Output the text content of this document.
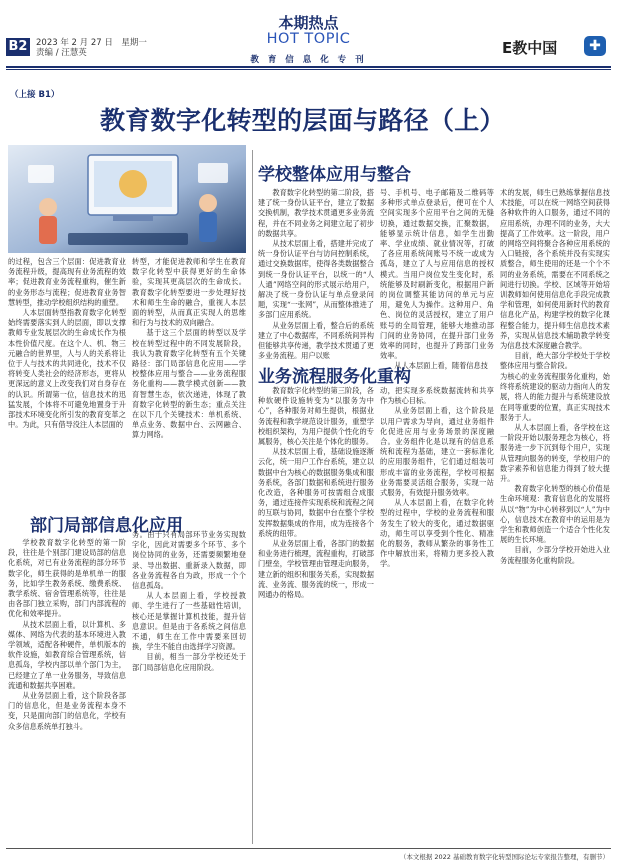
B2 2023 年 2 月 27 日　星期一
责编 / 汪慧英
本期热点
HOT TOPIC
教 育 信 息 化 专 刊
E教中国	✚
（上接 B1）
教育数字化转型的层面与路径（上）
学校整体应用与整合
部门局部信息化应用
业务流程服务化重构

的过程，包含三个层面：促进教育业务流程升级，提高现有业务流程的效率；促进教育业务流程重构，催生新的业务形态与流程；促进教育业务智慧转型，推动学校组织结构的重塑。

人本层面转型指教育数字化转型始终需要落实到人的层面，即以支撑教师专业发展层次的生命成长作为根本性价值尺度。在这个人、机、物三元融合的世界里，人与人的关系将让位于人与技术的共同进化，技术不仅将转变人类社会的经济形态，更将从更深远的意义上改变我们对自身存在的认识。所谓第一位，信息技术的迅猛发展，个体将不可避免地置身于升部技术环境变化所引发的教育变革之中。为此，只有借导没注人本层面的

转型，才能促进教师和学生在教育数字化转型中获得更好的生命体验，实现其更高层次的生命成长。教育数字化转型要进一步处理好技术和师生生命的融合，重视人本层面的转型，从而真正实现人的思维和行为与技术的双向融合。

基于这三个层面的转型以及学校在转型过程中的不同发展阶段，我认为教育数字化转型有五个关键路径：部门局部信息化应用——学校整体应用与整合——业务流程服务化重构——教学模式创新——教育智慧生态，依次递进，体现了教育数字化转型的新生态；重点关注在以下几个关键技术：单机系统、单点业务、数据中台、云网融合、算力网络。

教育数字化转型的第二阶段，搭建了统一身份认证平台，建立了数据交换机制，教学技术贯通更多业务流程，并在不同业务之间建立起了初步的数据共享。

从技术层面上看，搭建并完成了统一身份认证平台与访问控制系统，通过交换数据库，使得各类数据整合到统一身份认证平台，以统一的“人人通”网络空间的形式展示给用户，解决了统一身份认证与单点登录问题，实现“一张网”，从而整体推进了多部门应用系统。

从业务层面上看，整合后的系统建立了中心数据库，不同系统间异构但能够共享传递，教学技术贯通了更多业务流程。用户以账

号、手机号、电子邮箱及二维码等多种形式单点登录后，便可在个人空间实现多个应用平台之间的无缝切换，通过数据交换，汇聚数据，能够显示统计信息，如学生出勤率、学业成绩、就业情况等，打破了各应用系统间账号不统一或成为孤岛，建立了人与应用信息的授权模式。当用户岗位发生变化时，系统能够及时刷新变化，根据用户新的岗位调整其能访问的单元与应用，避免人为操作。这种用户、角色、岗位的灵活授权，建立了用户账号的全局管理，能够大地推动部门间的业务协同，在提升部门业务效率的同时，也提升了跨部门业务效率。

从人本层面上看，随着信息技

术的发展，师生已熟练掌握信息技术技能，可以在统一网络空间获得各种软件的入口服务，通过不同的应用系统，办理不同的业务，大大提高了工作效率。这一阶段，用户的网络空间将聚合各种应用系统的入口链接，各个系统并没有实现实质整合，师生使用的还是一个个不同的业务系统，需要在不同系统之间进行切换。学校、区域等开始培训教师如何使用信息化手段完成教学和管理，如何使用新时代的教育信息化产品，构建学校的数字化课程整合能力，提升师生信息技术素养，实现从信息技术辅助教学转变为信息技术深度融合教学。

目前，绝大部分学校处于学校整体应用与整合阶段。

学校教育数字化转型的第一阶段，往往是个别部门建设局部的信息化系统，对已有业务流程的部分环节数字化，师生获得的是单机单一的服务，比如学生教务系统、缴费系统、教学系统、宿舍管理系统等，往往是由各部门独立采购，部门内部流程的优化和效率提升。

从技术层面上看，以计算机、多媒体、网络为代表的基本环境进入教学领域，适配各种硬件，单机版本的软件设施，如教育综合管理系统，信息孤岛，学校内部以单个部门为主，已经建立了单一业务服务，导致信息流通和数据共享困难。

从业务层面上看，这个阶段各部门的信息化，但是业务流程本身不变，只是面向部门的信息化，学校有众多信息系统单打独斗。

务。由于只有局部环节业务实现数字化，因此对需要多个环节、多个岗位协同的业务，还需要频繁地登录、导出数据、重新录入数据，即各业务流程各自为政，形成一个个信息孤岛。

从人本层面上看，学校授教师、学生进行了一些基础性培训，核心还是掌握计算机技能，提升信息意识。但是由于各系统之间信息不通，师生在工作中需要来回切换，学生不能自由选择学习资源。

目前，相当一部分学校还处于部门局部信息化应用阶段。

教育数字化转型的第三阶段，各种软硬件设施转变为“以服务为中心”，各种服务对师生提供，根据业务流程和教学规范设计服务，重塑学校组织架构，为用户提供个性化的专属服务，核心关注是个体化的服务。

从技术层面上看，基础设施逐渐云化，统一用户工作台系统，建立以数据中台为核心的数据服务集成和服务系统，各部门数据和系统进行服务化改造，各种服务可按需组合成服务，通过连接件实现系统和流程之间的互联与协同，数据中台在整个学校发挥数据集成的作用，成为连接各个系统的纽带。

从业务层面上看，各部门的数据和业务进行梳理，流程重构，打破部门壁垒，学校管理由管理走向服务，建立新的组织和服务关系，实现数据流、业务流、服务流的统一，形成一网通办的格局。

动，把实现多系统数据流转和共享作为核心目标。

从业务层面上看，这个阶段是以用户需求为导向，通过业务组件化促进应用与业务场景的深度融合。业务组件化是以现有的信息系统和流程为基础，建立一套标准化的应用服务组件，它们通过组装可形成丰富的业务流程，学校可根据业务需要灵活组合服务，实现一站式服务，有效提升服务效率。

从人本层面上看，在数字化转型的过程中，学校的业务流程和服务发生了较大的变化，通过数据驱动，师生可以享受到个性化、精准化的服务，教师从繁杂的事务性工作中解放出来，将精力更多投入教学。

为核心的业务流程服务化重构，始终将系统建设的驱动力指向人的发展，将人的能力提升与系统建设放在同等重要的位置，真正实现技术服务于人。

从人本层面上看，各学校在这一阶段开始以服务理念为核心，将服务进一步下沉到每个用户，实现从管理向服务的转变，学校用户的数字素养和信息能力得到了较大提升。

教育数字化转型的核心价值是生命环境观：教育信息化的发展将从以“物”为中心转移到以“人”为中心，信息技术在教育中的运用是为学生和教师创造一个适合个性化发展的生长环境。

目前，少部分学校开始进入业务流程服务化重构阶段。

（本文根据 2022 基础教育数字化转型国际论坛专家报告整理，有删节）
